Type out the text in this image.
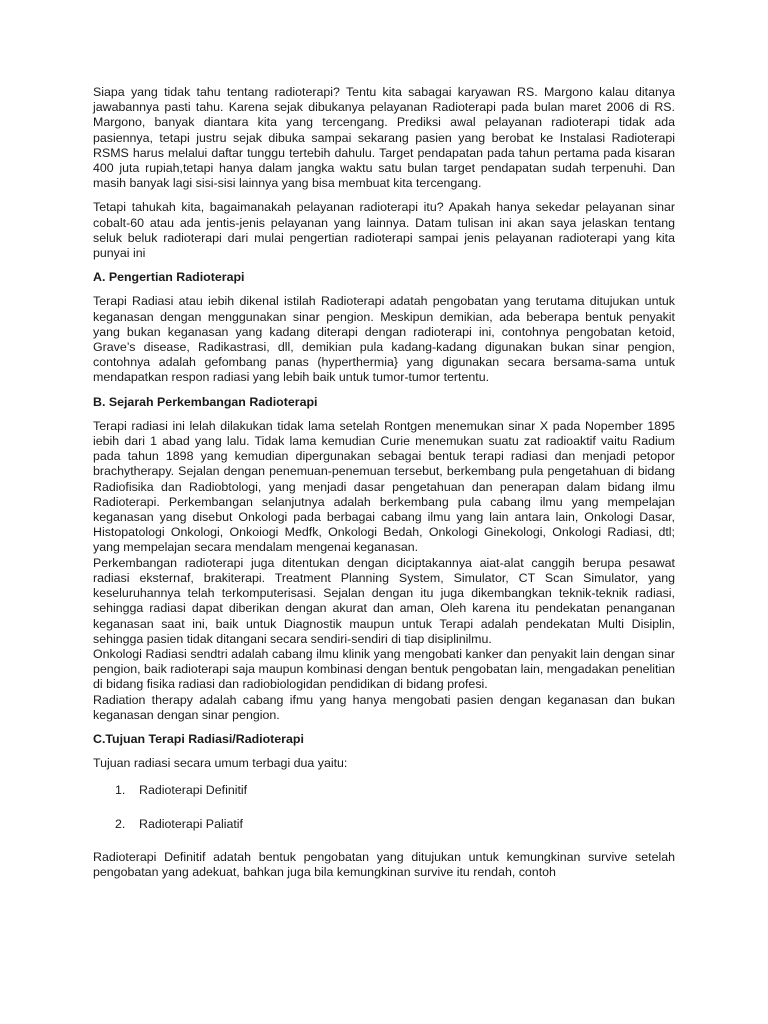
Siapa yang tidak tahu tentang radioterapi? Tentu kita sabagai karyawan RS. Margono kalau ditanya jawabannya pasti tahu. Karena sejak dibukanya pelayanan Radioterapi pada bulan maret 2006 di RS. Margono, banyak diantara kita yang tercengang. Prediksi awal pelayanan radioterapi tidak ada pasiennya, tetapi justru sejak dibuka sampai sekarang pasien yang berobat ke Instalasi Radioterapi RSMS harus melalui daftar tunggu tertebih dahulu. Target pendapatan pada tahun pertama pada kisaran 400 juta rupiah,tetapi hanya dalam jangka waktu satu bulan target pendapatan sudah terpenuhi. Dan masih banyak lagi sisi-sisi lainnya yang bisa membuat kita tercengang.

Tetapi tahukah kita, bagaimanakah pelayanan radioterapi itu? Apakah hanya sekedar pelayanan sinar cobalt-60 atau ada jentis-jenis pelayanan yang lainnya. Datam tulisan ini akan saya jelaskan tentang seluk beluk radioterapi dari mulai pengertian radioterapi sampai jenis pelayanan radioterapi yang kita punyai ini

A. Pengertian Radioterapi

Terapi Radiasi atau iebih dikenal istilah Radioterapi adatah pengobatan yang terutama ditujukan untuk keganasan dengan menggunakan sinar pengion. Meskipun demikian, ada beberapa bentuk penyakit yang bukan keganasan yang kadang diterapi dengan radioterapi ini, contohnya pengobatan ketoid, Grave’s disease, Radikastrasi, dll, demikian pula kadang-kadang digunakan bukan sinar pengion, contohnya adalah gefombang panas (hyperthermia} yang digunakan secara bersama-sama untuk mendapatkan respon radiasi yang lebih baik untuk tumor-tumor tertentu.

B. Sejarah Perkembangan Radioterapi

Terapi radiasi ini lelah dilakukan tidak lama setelah Rontgen menemukan sinar X pada Nopember 1895 iebih dari 1 abad yang lalu. Tidak lama kemudian Curie menemukan suatu zat radioaktif vaitu Radium pada tahun 1898 yang kemudian dipergunakan sebagai bentuk terapi radiasi dan menjadi petopor brachytherapy. Sejalan dengan penemuan-penemuan tersebut, berkembang pula pengetahuan di bidang Radiofisika dan Radiobtologi, yang menjadi dasar pengetahuan dan penerapan dalam bidang ilmu Radioterapi. Perkembangan selanjutnya adalah berkembang pula cabang ilmu yang mempelajan keganasan yang disebut Onkologi pada berbagai cabang ilmu yang lain antara lain, Onkologi Dasar, Histopatologi Onkologi, Onkoiogi Medfk, Onkologi Bedah, Onkologi Ginekologi, Onkologi Radiasi, dtl; yang mempelajan secara mendalam mengenai keganasan.

Perkembangan radioterapi juga ditentukan dengan diciptakannya aiat-alat canggih berupa pesawat radiasi eksternaf, brakiterapi. Treatment Planning System, Simulator, CT Scan Simulator, yang keseluruhannya telah terkomputerisasi. Sejalan dengan itu juga dikembangkan teknik-teknik radiasi, sehingga radiasi dapat diberikan dengan akurat dan aman, Oleh karena itu pendekatan penanganan keganasan saat ini, baik untuk Diagnostik maupun untuk Terapi adalah pendekatan Multi Disiplin, sehingga pasien tidak ditangani secara sendiri-sendiri di tiap disiplinilmu.

Onkologi Radiasi sendtri adalah cabang ilmu klinik yang mengobati kanker dan penyakit lain dengan sinar pengion, baik radioterapi saja maupun kombinasi dengan bentuk pengobatan lain, mengadakan penelitian di bidang fisika radiasi dan radiobiologidan pendidikan di bidang profesi.

Radiation therapy adalah cabang ifmu yang hanya mengobati pasien dengan keganasan dan bukan keganasan dengan sinar pengion.

C.Tujuan Terapi Radiasi/Radioterapi

Tujuan radiasi secara umum terbagi dua yaitu:

1. Radioterapi Definitif
2. Radioterapi Paliatif

Radioterapi Definitif adatah bentuk pengobatan yang ditujukan untuk kemungkinan survive setelah pengobatan yang adekuat, bahkan juga bila kemungkinan survive itu rendah, contoh
